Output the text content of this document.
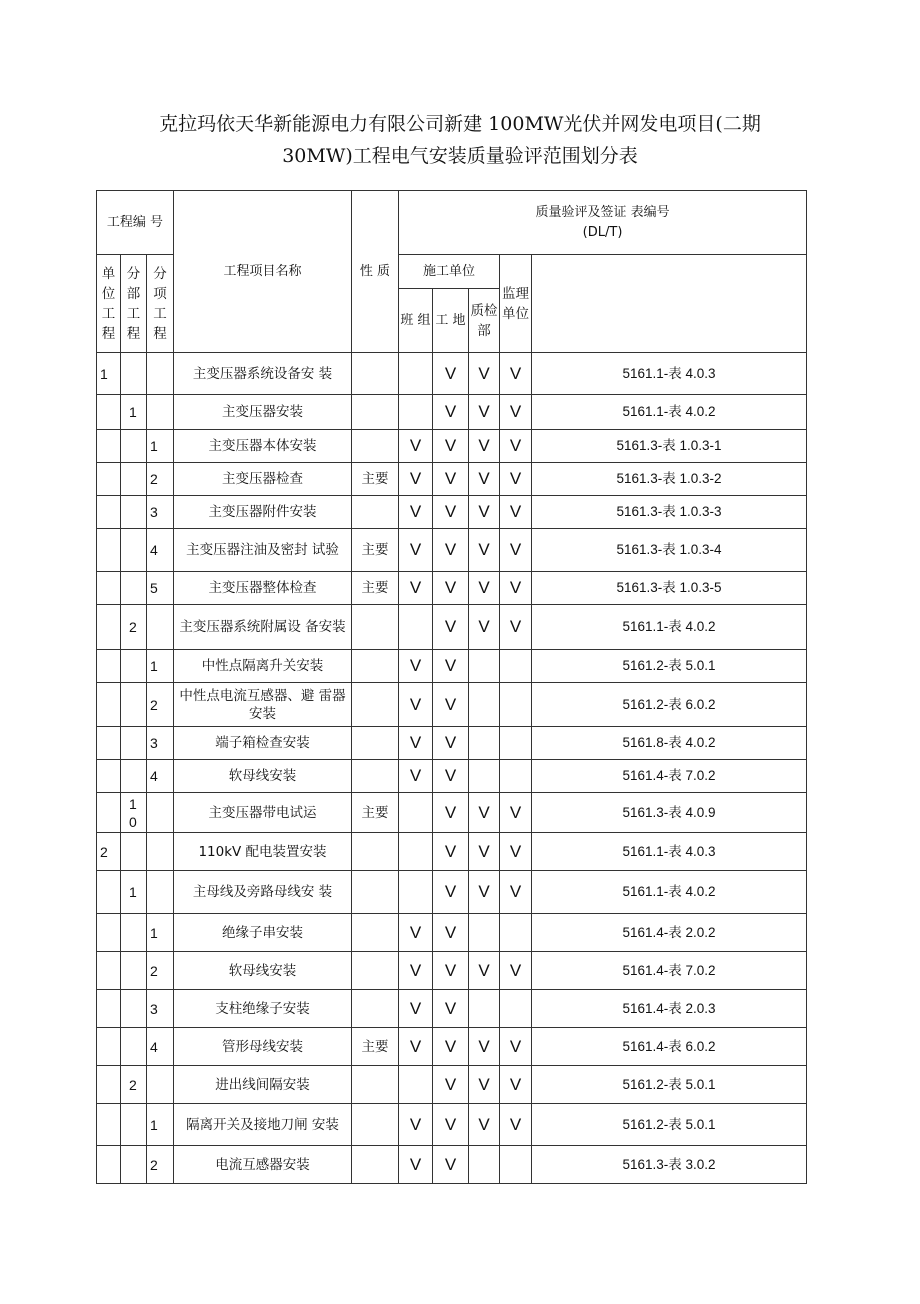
克拉玛依天华新能源电力有限公司新建 100MW光伏并网发电项目(二期
30MW)工程电气安装质量验评范围划分表
工程编 号			工程项目名称	性 质	质量验评及签证 表编号
(DL/T)				

单位工程	分部工程	分项工程			施工单位			监理单位	
					班 组	工 地	质检部		
1			主变压器系统设备安 装			V	V	V	5161.1-表 4.0.3
	1		主变压器安装			V	V	V	5161.1-表 4.0.2
		1	主变压器本体安装		V	V	V	V	5161.3-表 1.0.3-1
		2	主变压器检查	主要	V	V	V	V	5161.3-表 1.0.3-2
		3	主变压器附件安装		V	V	V	V	5161.3-表 1.0.3-3
		4	主变压器注油及密封 试验	主要	V	V	V	V	5161.3-表 1.0.3-4
		5	主变压器整体检查	主要	V	V	V	V	5161.3-表 1.0.3-5
	2		主变压器系统附属设 备安装			V	V	V	5161.1-表 4.0.2
		1	中性点隔离升关安装		V	V			5161.2-表 5.0.1
		2	中性点电流互感器、避 雷器安装		V	V			5161.2-表 6.0.2
		3	端子箱检查安装		V	V			5161.8-表 4.0.2
		4	软母线安装		V	V			5161.4-表 7.0.2
	1 0		主变压器带电试运	主要		V	V	V	5161.3-表 4.0.9
2			110kV 配电装置安装			V	V	V	5161.1-表 4.0.3
	1		主母线及旁路母线安 装			V	V	V	5161.1-表 4.0.2
		1	绝缘子串安装		V	V			5161.4-表 2.0.2
		2	软母线安装		V	V	V	V	5161.4-表 7.0.2
		3	支柱绝缘子安装		V	V			5161.4-表 2.0.3
		4	管形母线安装	主要	V	V	V	V	5161.4-表 6.0.2
	2		进出线间隔安装			V	V	V	5161.2-表 5.0.1
		1	隔离开关及接地刀闸 安装		V	V	V	V	5161.2-表 5.0.1
		2	电流互感器安装		V	V			5161.3-表 3.0.2
